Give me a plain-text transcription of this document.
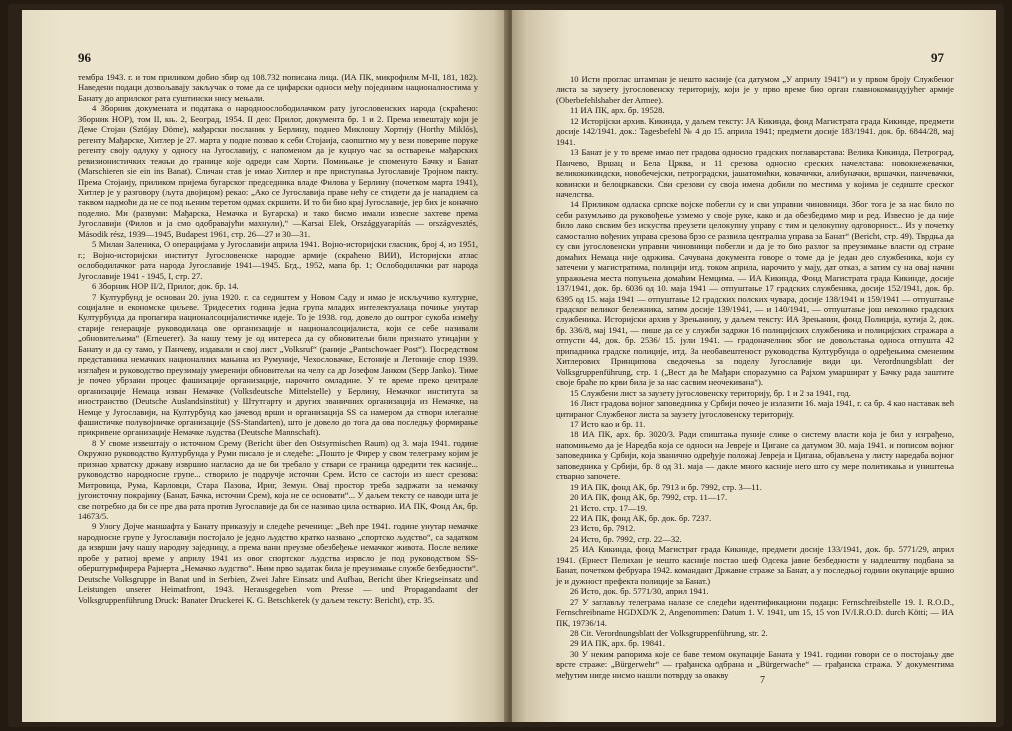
96

тембра 1943. г. и том приликом добио збир од 108.732 пописана лица. (ИА ПК, микрофилм М-II, 181, 182). Наведени подаци дозвољавају закључак о томе да се цифарски односи међу појединим националностима у Банату до априлског рата суштински нису мењали.

4 Зборник докумената и података о народноослободилачком рату југословенских народа (скраћено: Зборник НОР), том II, књ. 2, Београд, 1954. II део: Прилог, документа бр. 1 и 2. Према извештају који је Деме Стојан (Sztójay Döme), мађарски посланик у Берлину, поднео Миклошу Хортију (Horthy Miklós), регенту Мађарске, Хитлер је 27. марта у подне позвао к себи Стојаија, саопштио му у вези повериве поруке регенту своју одлуку у односу на Југославију, с напоменом да је куцнуо час за остварење мађарских ревизионистичких тежњи до границе које одреди сам Хорти. Помињање је споменуто Бачку и Банат (Marschieren sie ein ins Banat). Сличан став је имао Хитлер и пре приступања Југославије Тројном пакту. Према Стојаију, приликом пријема бугарског председника владе Филова у Берлину (почетком марта 1941), Хитлер је у разговору (љута двојицом) рекао: „Ако се Југославија праве нећу се стидети да је нападнем са таквом надмоћи да не се под њеним теретом одмах скршити. И то би био крај Југославије, јер бих је коначно поделио. Ми (развуми: Мађарска, Немачка и Бугарска) и тако бисмо имали извесне захтеве према Југославији (Филов и ја смо одобравајући махнули),“ —Karsai Elek, Országgyarapítás — országvesztés, Második rész, 1939—1945, Budapest 1961, стр. 26—27 и 30—31.

5 Милан Заленика, О операцијама у Југославији априла 1941. Војно-историјски гласник, број 4, из 1951, г.; Војно-историјски институт Југословенске народне армије (скраћено ВИИ), Историјски атлас ослободилачког рата народа Југославије 1941—1945. Бгд., 1952, мапа бр. 1; Ослободилачки рат народа Југославије 1941 - 1945, I, стр. 27.

6 Зборник НОР II/2, Прилог, док. бр. 14.

7 Културбунд је основан 20. јуна 1920. г. са седиштем у Новом Саду и имао је искључиво културне, социјалне и економске циљеве. Тридесетих година једна група младих интелектуалаца почиње унутар Културбунда да пропагира националсоцијалистичке идеје. То је 1938. год. довело до оштрог сукоба између старије генерације руководилаца ове организације и националсоцијалиста, који се себе називали „обновитељима“ (Erneuerer). За нашу тему је од интереса да су обновитељи били признато утицајни у Банату и да су тамо, у Панчеву, издавали и свој лист „Volksruf“ (раније „Pantschowaer Post“). Посредством представника немачких националних мањина из Румуније, Чехословачке, Естоније и Летоније спор 1939. изглађен и руководство преузимају умеренији обновитељи на челу са др Јозефом Јанком (Sepp Janko). Тиме је почео убрзани процес фашизације организације, нарочито омладине. У те време преко централе организације Немаца изван Немачке (Volksdeutsche Mittelstelle) у Берлину, Немачког института за иностранство (Deutsche Auslandsinstitut) у Штутгарту и других званичних организација из Немачке, на Немце у Југославији, на Културбунд као јачевод врши и организација SS са намером да створи илегалне фашистичке полувојничке организације (SS-Standarten), што је довело до тога да ова последњу формирање прикривене организације Немачке људства (Deutsche Mannschaft).

8 У своме извештају о источном Срему (Bericht über den Ostsyrmischen Raum) од 3. маја 1941. године Окружно руководство Културбунда у Руми писало је и следеће: „Пошто је Фирер у свом телеграму којим је признао хрватску државу извршио нагласио да не би требало у ствари се граница одредити тек касније... руководство народносне групе... створило је подручје источни Срем. Исто се састоји из шест срезова: Митровица, Рума, Карловци, Стара Пазова, Ириг, Земун. Овај простор треба задржати за немачку југоисточну покрајину (Банат, Бачка, источни Срем), која не се основати“... У даљем тексту се наводи шта је све потребно да би се пре два рата против Југославије да би се називао цила остварио. ИА ПК, Фонд Ак, бр. 14673/5.

9 Улогу Дојче маншафта у Банату приказују и следеће реченице: „Већ пре 1941. године унутар немачке народносне групе у Југославији постојало је једно људство кратко названо „спортско људство“, са задатком да изврши јачу нашу народну заједницу, а према вани преузме обезбеђење немачког живота. После велике пробе у ратној време у априлу 1941 из овог спортског људства изрвсло је под руководством SS-оберштурмфирера Рајнерта „Немачко људство“. Њим прво задатак била је преузимање службе безбедности“. Deutsche Volksgruppe in Banat und in Serbien, Zwei Jahre Einsatz und Aufbau, Bericht über Kriegseinsatz und Leistungen unserer Heimatfront, 1943. Herausgegeben vom Presse — und Propagandaamt der Volksgruppenführung Druck: Banater Druckerei K. G. Betschkerek (у даљем тексту: Bericht), стр. 35.

97

10 Исти проглас штампан је нешто касније (са датумом „У априлу 1941“) и у првом броју Службеног листа за заузету југословенску територију, који је у прво време био орган главнокомандујућег армије (Oberbefehlshaber der Armee).

11 ИА ПК, арх. бр. 19528.

12 Исторijски архив. Кикинда, у даљем тексту: ЈА Кикинда, фонд Магистрата града Кикинде, предмети досије 142/1941. док.: Tagesbefehl № 4 до 15. априла 1941; предмети досије 183/1941. док. бр. 6844/28, мај 1941.

13 Банат је у то време имао пет градова односно градских поглаварстава: Велика Кикинда, Петроград, Панчево, Вршац и Бела Црква, и 11 срезова односно среских начелстава: новокнежевачки, великокикиндски, новобечејски, петроградски, јашатомићки, ковачички, алибуначки, вршачки, панчевачки, ковински и белоцркавски. Сви срезови су своја имена добили по местима у којима је седиште среског начелства.

14 Приликом одласка српске војске побегли су и сви управни чиновници. Због тога је за нас било по себи разумљиво да руковођење узмемо у своје руке, како и да обезбедимо мир и ред. Извесно је да није било лако свсвим без искуства преузети целокупну управу с тим и целокупну одговорност... Из у почетку самостално вођених управа срезова брзо се развила централна управа за Банат“ (Bericht, стр. 49). Тврдња да су сви југословенски управни чиновници побегли и да је то био разлог за преузимање власти од стране домаћих Немаца није одржива. Сачувана документа говоре о томе да је један део службеника, који су затечени у магистратима, полицији итд. током априла, нарочито у мају, дат отказ, а затим су на овај начин упражњена места попуњена домаћим Немцима. — ИА Кикинда, Фонд Магистрата града Кикинде, досије 137/1941, док. бр. 6036 од 10. маја 1941 — отпуштање 17 градских службеника, досије 152/1941, док. бр. 6395 од 15. маја 1941 — отпуштање 12 градских полских чувара, досије 138/1941 и 159/1941 — отпуштање градског великог бележника, затим досије 139/1941, — и 140/1941, — отпуштање још неколико градских службеника. Историјски архив у Зрењанину, у даљем тексту: ИА Зрењанин, фонд Полиција, кутија 2, док. бр. 336/8, мај 1941, — пише да се у служби задржи 16 полицијских службеника и полицијских стражара а отпусти 44, док. бр. 2536/ 15. јули 1941. — градоначелник због не довољстања односа отпушта 42 припадника градске полиције, итд. За необавештеност руководства Културбунда о одређењима смененим Хитлерових Принципова сведочења за поделу Југославије види ци. Verordnungsblatt der Volksgruppenführung, стр. 1 („Вест да ће Мађари спорazумно са Рајхом умаршират у Бачку рада заштите своје браће по крви била је за нас сасвим неочекивана“).

15 Службени лист за заузету југословенску територију, бр. 1 и 2 за 1941, год.

16 Лист градова војног заповедника у Србији почео је излазити 16. маја 1941, г. са бр. 4 као наставак већ цитираног Службеног листа за заузету југословенску територију.

17 Исто као и бр. 11.

18 ИА ПК, арх. бр. 3020/3. Ради спиштања пуније слике о систему власти која је бил у изграђено, напомињемо да је Наредба која се односи на Јевреје и Цигане са датумом 30. маја 1941. и пописом војног заповедника у Србији, која званично одређује положај Јевреја и Цигана, објављена у листу наредаба војног заповедника у Србији, бр. 8 од 31. маја — дакле много касније него што су мере политикања и уништења стварно започете.

19 ИА ПК, фонд АК, бр. 7913 и бр. 7992, стр. 3—11.

20 ИА ПК, фонд АК, бр. 7992, стр. 11—17.

21 Исто. стр. 17—19.

22 ИА ПК, фонд АК, бр. док. бр. 7237.

23 Исто, бр. 7912.

24 Исто, бр. 7992, стр. 22—32.

25 ИА Кикинда, фонд Магистрат града Кикинде, предмети досије 133/1941, док. бр. 5771/29, април 1941. (Ернест Пелихан је нешто касније постао шеф Одсека јавне безбедности у надлештву подбана за Банат, почетком фебруара 1942. командант Државне страже за Банат, а у последњој години окупације вршио је и дужност префекта полиције за Банат.)

26 Исто, док. бр. 5771/30, април 1941.

27 У заглављу телеграма налазе се следећи идентификациони подаци: Fernschreibstelle 19. I. R.O.D., Fernschreibname HGDXD/K 2, Angenommen: Datum 1. V. 1941, um 15, 15 von IV/I.R.O.D. durch Kötti; — ИА ПК, 19736/14.

28 Cit. Verordnungsblatt der Volksgruppenführung, str. 2.

29 ИА ПК, арх. бр. 19841.

30 У неким рапорима које се бавe темом окупације Баната у 1941. години говори се о постојању две врсте страже: „Bürgerwehr“ — грађанска одбрана и „Bürgerwache“ — грађанска стража. У документима међутим нигде нисмо нашли потврду за овакву

7
